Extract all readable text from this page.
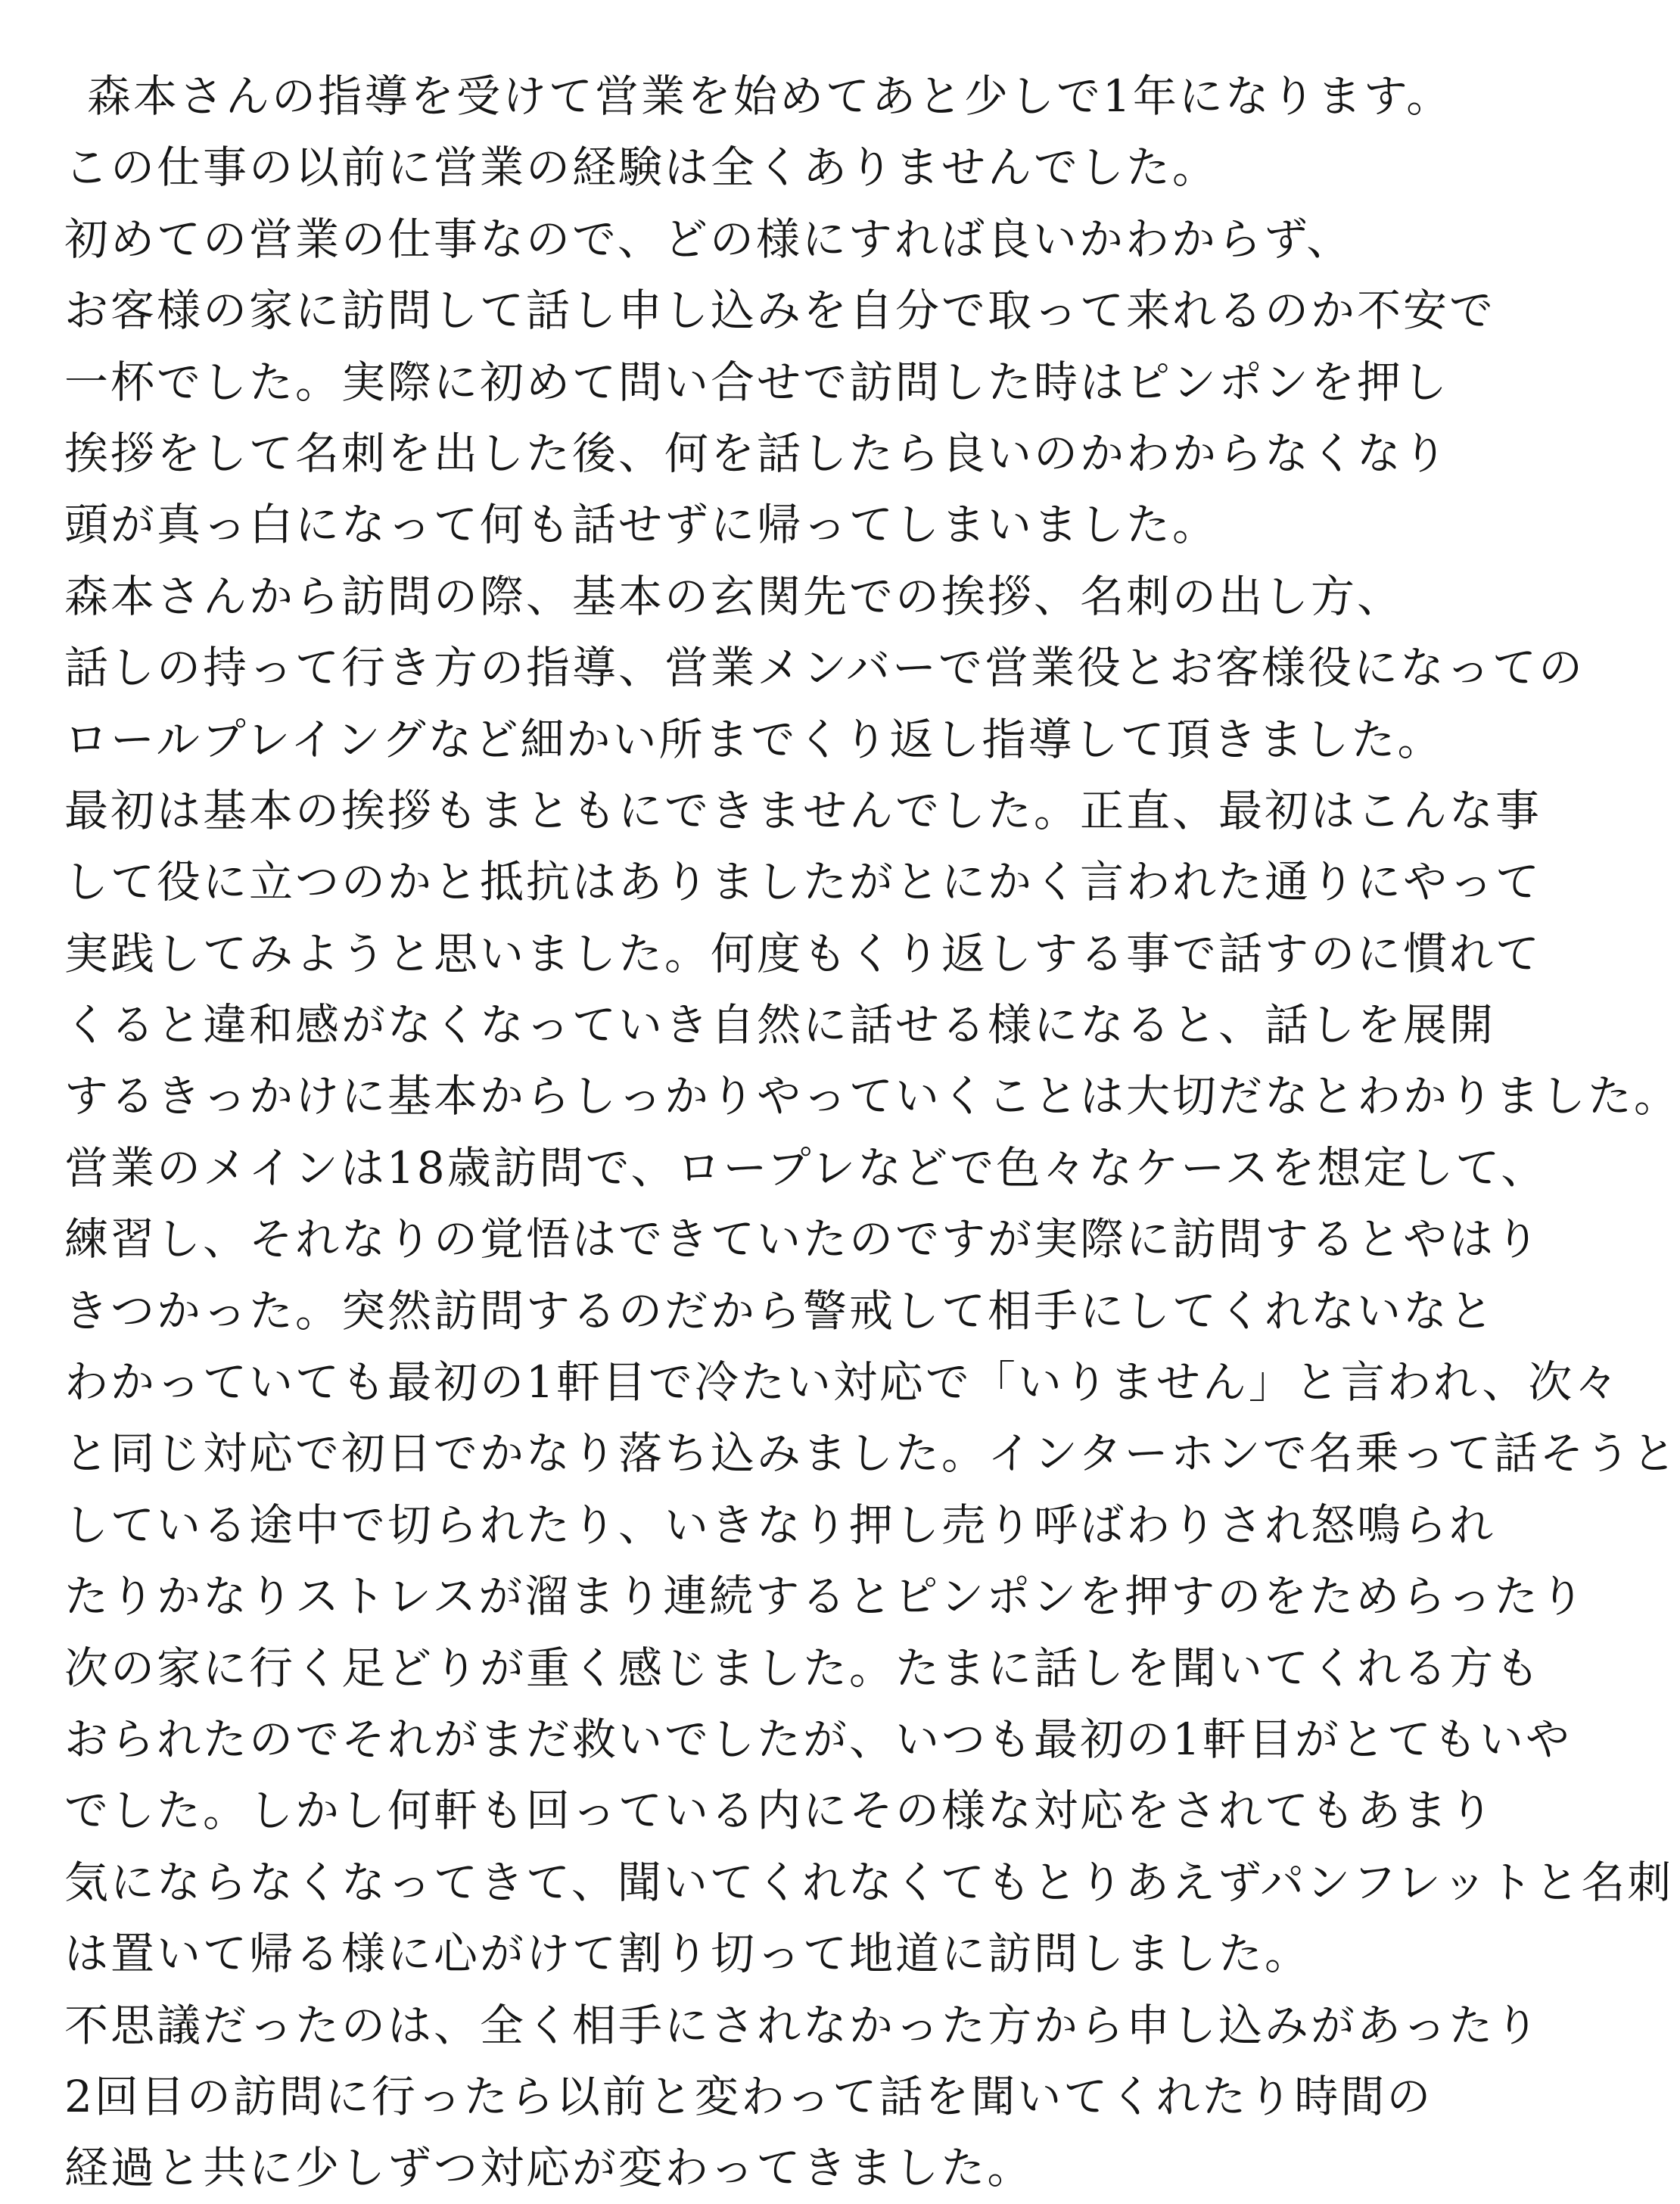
森本さんの指導を受けて営業を始めてあと少しで1年になります。
この仕事の以前に営業の経験は全くありませんでした。
初めての営業の仕事なので、どの様にすれば良いかわからず、
お客様の家に訪問して話し申し込みを自分で取って来れるのか不安で
一杯でした。実際に初めて問い合せで訪問した時はピンポンを押し
挨拶をして名刺を出した後、何を話したら良いのかわからなくなり
頭が真っ白になって何も話せずに帰ってしまいました。
森本さんから訪問の際、基本の玄関先での挨拶、名刺の出し方、
話しの持って行き方の指導、営業メンバーで営業役とお客様役になっての
ロールプレイングなど細かい所までくり返し指導して頂きました。
最初は基本の挨拶もまともにできませんでした。正直、最初はこんな事
して役に立つのかと抵抗はありましたがとにかく言われた通りにやって
実践してみようと思いました。何度もくり返しする事で話すのに慣れて
くると違和感がなくなっていき自然に話せる様になると、話しを展開
するきっかけに基本からしっかりやっていくことは大切だなとわかりました。
営業のメインは18歳訪問で、ロープレなどで色々なケースを想定して、
練習し、それなりの覚悟はできていたのですが実際に訪問するとやはり
きつかった。突然訪問するのだから警戒して相手にしてくれないなと
わかっていても最初の1軒目で冷たい対応で「いりません」と言われ、次々
と同じ対応で初日でかなり落ち込みました。インターホンで名乗って話そうと
している途中で切られたり、いきなり押し売り呼ばわりされ怒鳴られ
たりかなりストレスが溜まり連続するとピンポンを押すのをためらったり
次の家に行く足どりが重く感じました。たまに話しを聞いてくれる方も
おられたのでそれがまだ救いでしたが、いつも最初の1軒目がとてもいや
でした。しかし何軒も回っている内にその様な対応をされてもあまり
気にならなくなってきて、聞いてくれなくてもとりあえずパンフレットと名刺
は置いて帰る様に心がけて割り切って地道に訪問しました。
不思議だったのは、全く相手にされなかった方から申し込みがあったり
2回目の訪問に行ったら以前と変わって話を聞いてくれたり時間の
経過と共に少しずつ対応が変わってきました。
